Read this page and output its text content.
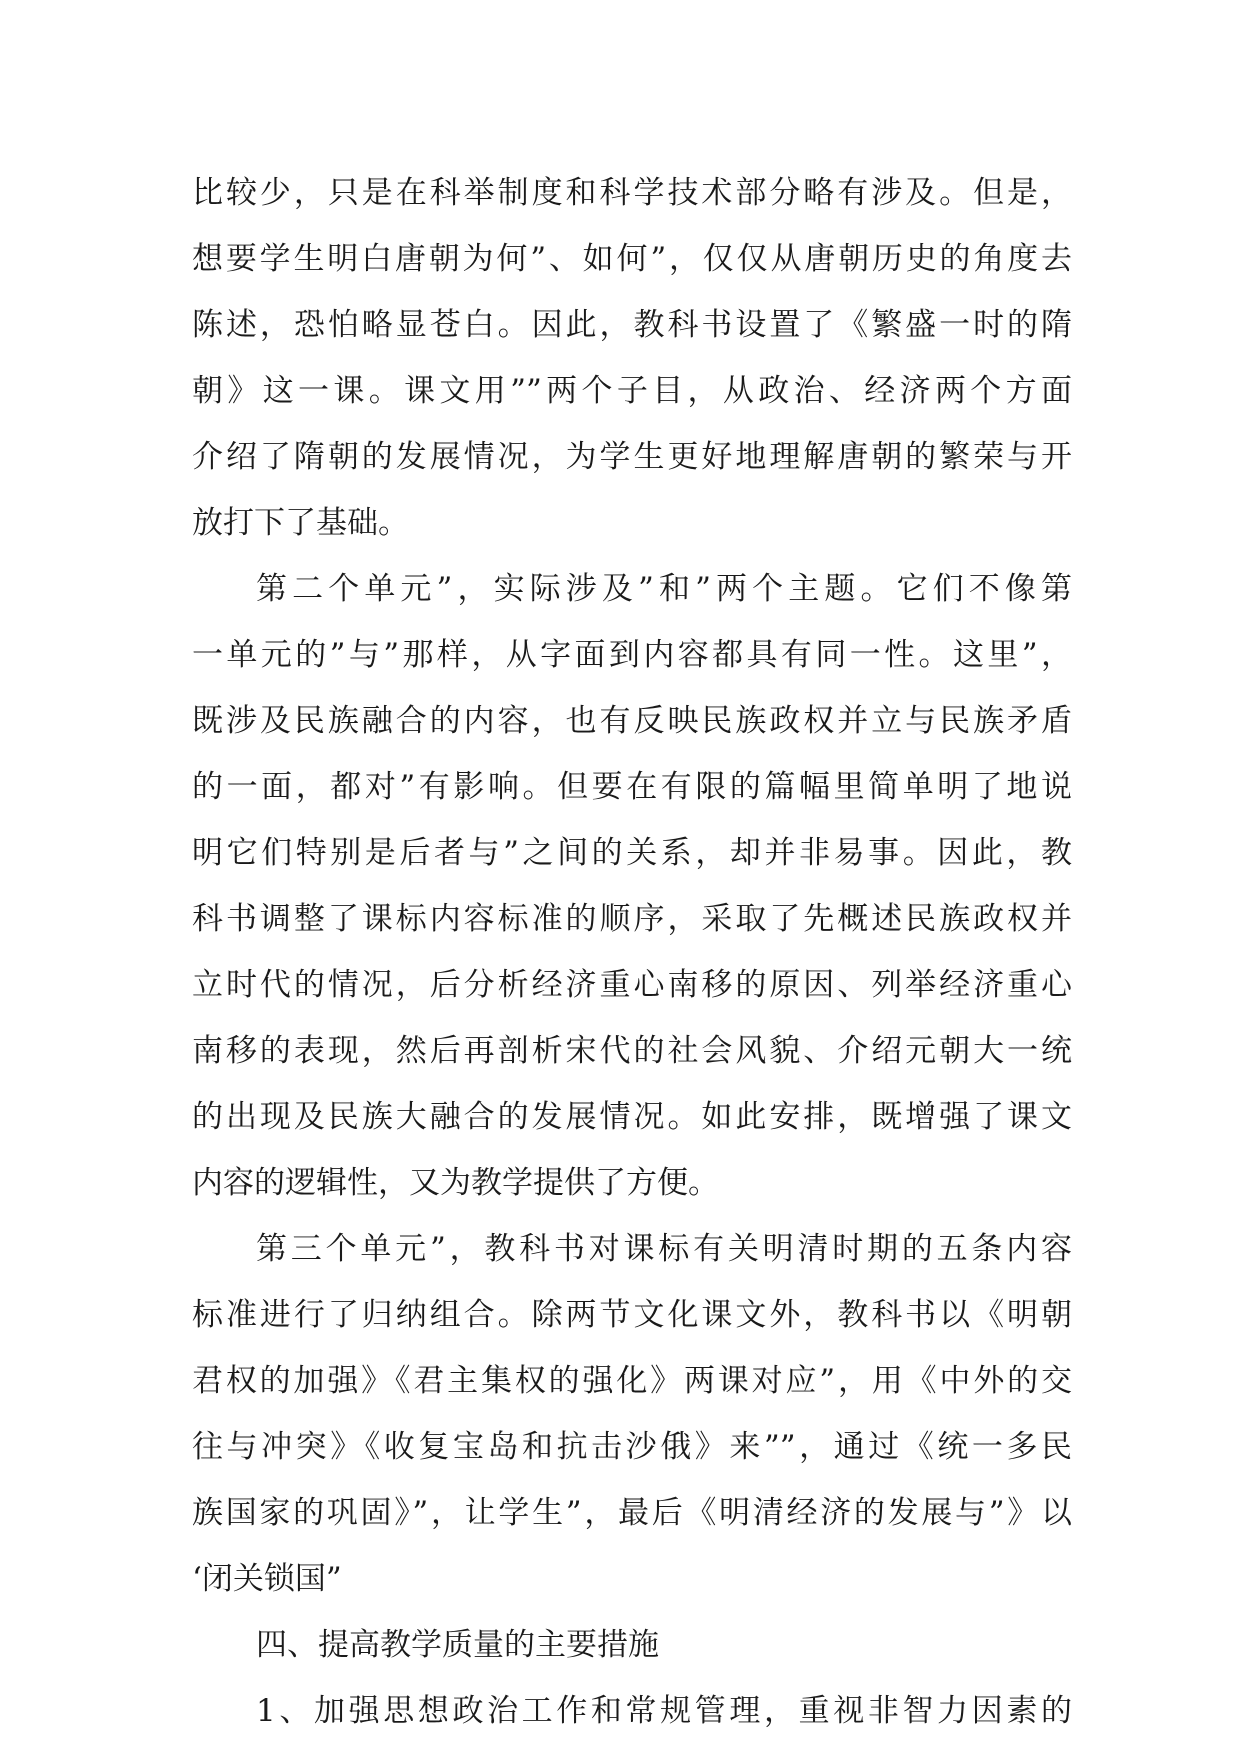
比较少，只是在科举制度和科学技术部分略有涉及。但是，
想要学生明白唐朝为何”、如何”，仅仅从唐朝历史的角度去
陈述，恐怕略显苍白。因此，教科书设置了《繁盛一时的隋
朝》这一课。课文用””两个子目，从政治、经济两个方面
介绍了隋朝的发展情况，为学生更好地理解唐朝的繁荣与开
放打下了基础。
第二个单元”，实际涉及”和”两个主题。它们不像第
一单元的”与”那样，从字面到内容都具有同一性。这里”，
既涉及民族融合的内容，也有反映民族政权并立与民族矛盾
的一面，都对”有影响。但要在有限的篇幅里简单明了地说
明它们特别是后者与”之间的关系，却并非易事。因此，教
科书调整了课标内容标准的顺序，采取了先概述民族政权并
立时代的情况，后分析经济重心南移的原因、列举经济重心
南移的表现，然后再剖析宋代的社会风貌、介绍元朝大一统
的出现及民族大融合的发展情况。如此安排，既增强了课文
内容的逻辑性，又为教学提供了方便。
第三个单元”，教科书对课标有关明清时期的五条内容
标准进行了归纳组合。除两节文化课文外，教科书以《明朝
君权的加强》《君主集权的强化》两课对应”，用《中外的交
往与冲突》《收复宝岛和抗击沙俄》来””，通过《统一多民
族国家的巩固》”，让学生”，最后《明清经济的发展与”》以
‘闭关锁国”
四、提高教学质量的主要措施
1、加强思想政治工作和常规管理，重视非智力因素的
